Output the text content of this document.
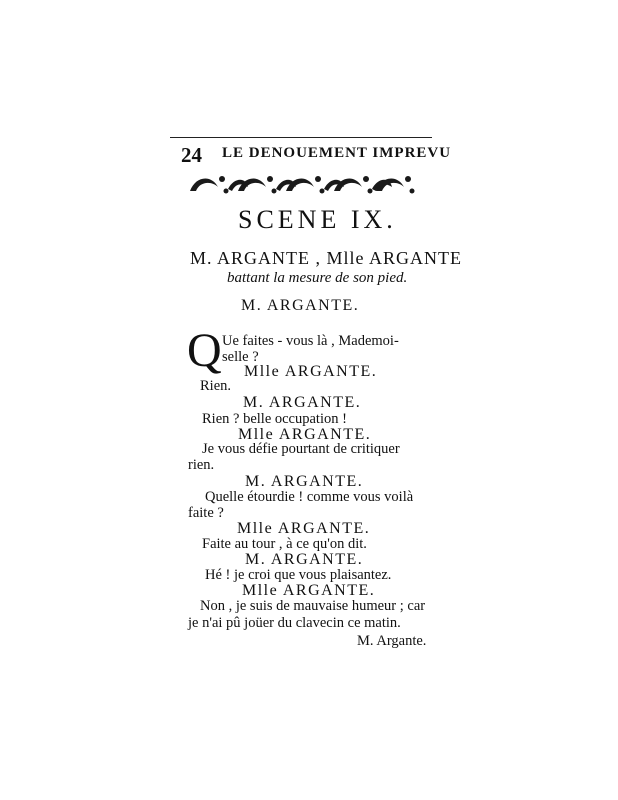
24 LE DENOUEMENT IMPREVU
SCENE IX.
M. ARGANTE , Mlle ARGANTE
battant la mesure de son pied.
M. ARGANTE.
Q Ue faites - vous là , Mademoi-
selle ?
Mlle ARGANTE.
Rien.
M. ARGANTE.
Rien ? belle occupation !
Mlle ARGANTE.
Je vous défie pourtant de critiquer
rien.
M. ARGANTE.
Quelle étourdie ! comme vous voilà
faite ?
Mlle ARGANTE.
Faite au tour , à ce qu'on dit.
M. ARGANTE.
Hé ! je croi que vous plaisantez.
Mlle ARGANTE.
Non , je suis de mauvaise humeur ; car
je n'ai pû joüer du clavecin ce matin.
M. Argante.
